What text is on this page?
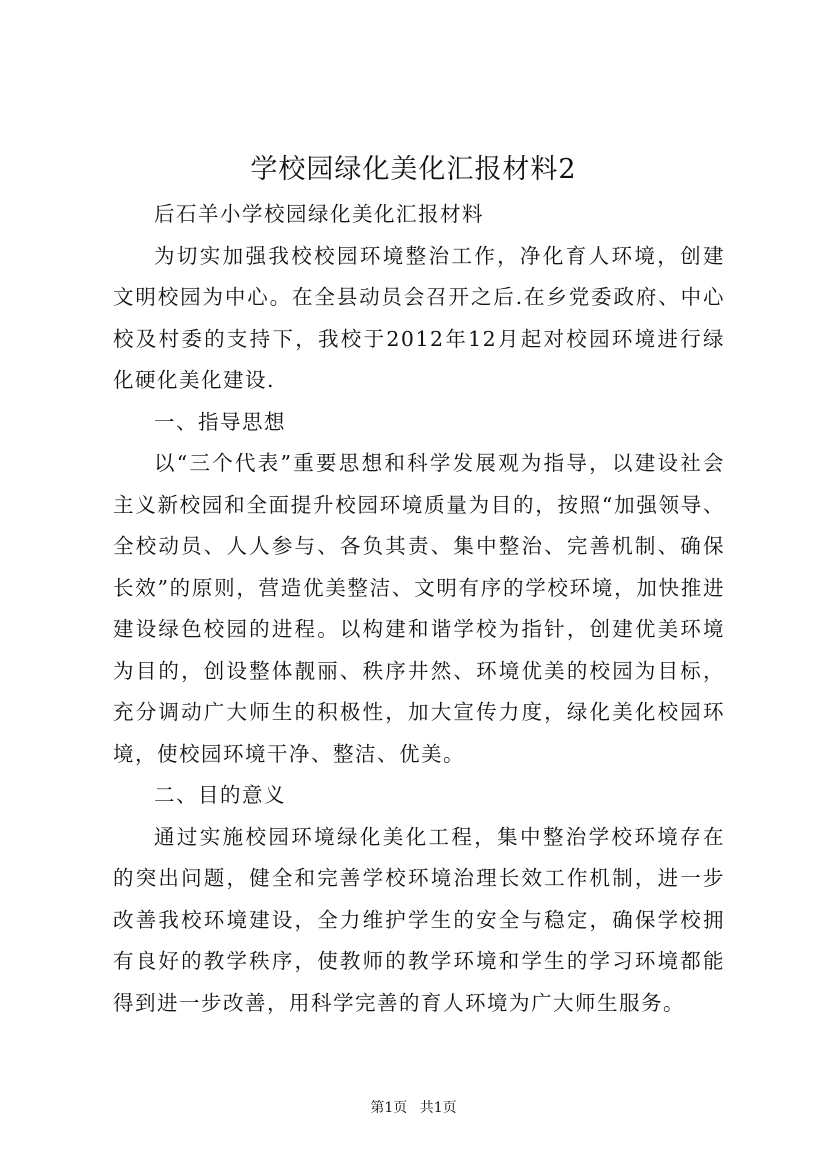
学校园绿化美化汇报材料2

后石羊小学校园绿化美化汇报材料

为切实加强我校校园环境整治工作，净化育人环境，创建文明校园为中心。在全县动员会召开之后.在乡党委政府、中心校及村委的支持下，我校于2012年12月起对校园环境进行绿化硬化美化建设.

一、指导思想

以“三个代表”重要思想和科学发展观为指导，以建设社会主义新校园和全面提升校园环境质量为目的，按照“加强领导、全校动员、人人参与、各负其责、集中整治、完善机制、确保长效”的原则，营造优美整洁、文明有序的学校环境，加快推进建设绿色校园的进程。以构建和谐学校为指针，创建优美环境为目的，创设整体靓丽、秩序井然、环境优美的校园为目标，充分调动广大师生的积极性，加大宣传力度，绿化美化校园环境，使校园环境干净、整洁、优美。

二、目的意义

通过实施校园环境绿化美化工程，集中整治学校环境存在的突出问题，健全和完善学校环境治理长效工作机制，进一步改善我校环境建设，全力维护学生的安全与稳定，确保学校拥有良好的教学秩序，使教师的教学环境和学生的学习环境都能得到进一步改善，用科学完善的育人环境为广大师生服务。

第1页 共1页
